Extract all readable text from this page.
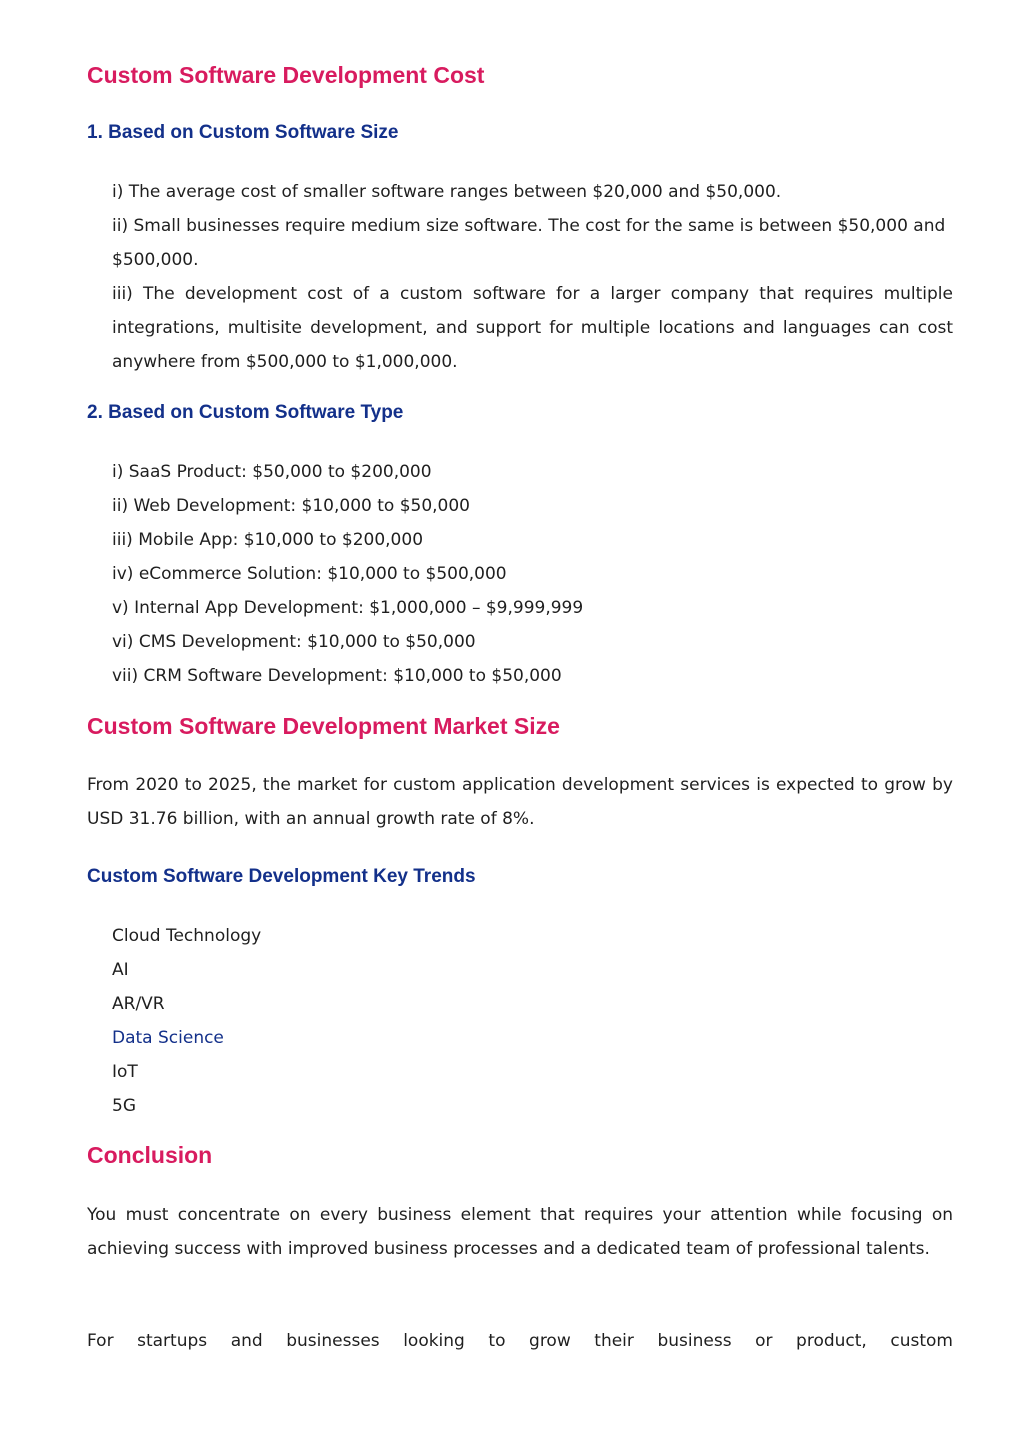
Custom Software Development Cost
1. Based on Custom Software Size
i) The average cost of smaller software ranges between $20,000 and $50,000.
ii) Small businesses require medium size software. The cost for the same is between $50,000 and $500,000.
iii) The development cost of a custom software for a larger company that requires multiple integrations, multisite development, and support for multiple locations and languages can cost anywhere from $500,000 to $1,000,000.
2. Based on Custom Software Type
i) SaaS Product: $50,000 to $200,000
ii) Web Development: $10,000 to $50,000
iii) Mobile App: $10,000 to $200,000
iv) eCommerce Solution: $10,000 to $500,000
v) Internal App Development: $1,000,000 – $9,999,999
vi) CMS Development: $10,000 to $50,000
vii) CRM Software Development: $10,000 to $50,000
Custom Software Development Market Size

From 2020 to 2025, the market for custom application development services is expected to grow by USD 31.76 billion, with an annual growth rate of 8%.

Custom Software Development Key Trends
Cloud Technology
AI
AR/VR
Data Science
IoT
5G
Conclusion

You must concentrate on every business element that requires your attention while focusing on achieving success with improved business processes and a dedicated team of professional talents.

For startups and businesses looking to grow their business or product, custom
